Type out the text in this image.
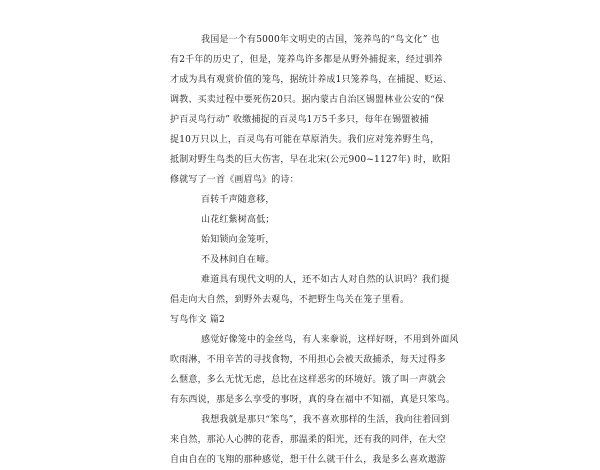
我国是一个有5000年文明史的古国，笼养鸟的“鸟文化” 也
有2千年的历史了，但是，笼养鸟许多都是从野外捕捉来，经过驯养
才成为具有观赏价值的笼鸟，据统计养成1只笼养鸟，在捕捉、贬运、
调教、买卖过程中要死伤20只。据内蒙古自治区锡盟林业公安的“保
护百灵鸟行动” 收缴捕捉的百灵鸟1万5千多只，每年在锡盟被捕
捉10万只以上，百灵鸟有可能在草原消失。我们应对笼养野生鸟，
抵制对野生鸟类的巨大伤害，早在北宋(公元900~1127年) 时，欧阳
修就写了一首《画眉鸟》的诗：
百转千声随意移，
山花红紫树高低；
始知锁向金笼听，
不及林间自在啼。
难道具有现代文明的人，还不如古人对自然的认识吗？我们提
倡走向大自然，到野外去观鸟，不把野生鸟关在笼子里看。
写鸟作文 篇2
感觉好像笼中的金丝鸟，有人来豢说，这样好呀，不用到外面风
吹雨淋，不用辛苦的寻找食物，不用担心会被天敌捕杀，每天过得多
么惬意，多么无忧无虑，总比在这样恶劣的环境好。饿了叫一声就会
有东西说，那是多么享受的事呀，真的身在福中不知福，真是只笨鸟。
我想我就是那只“笨鸟”，我不喜欢那样的生活，我向往着回到
来自然，那沁人心脾的花香，那温柔的阳光，还有我的同伴，在大空
自由自在的飞翔的那种感觉，想干什么就干什么，我是多么喜欢遨游
